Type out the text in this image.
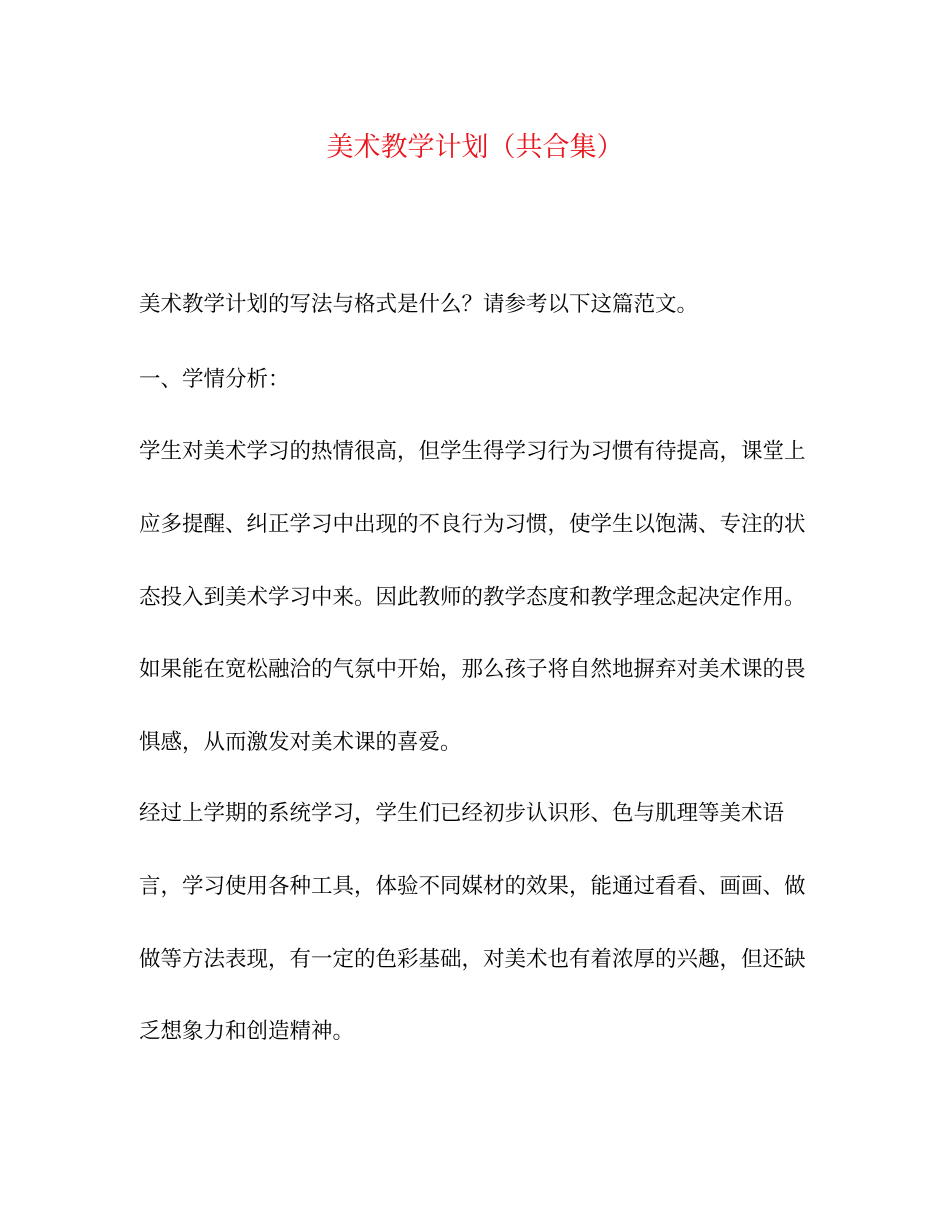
美术教学计划（共合集）

美术教学计划的写法与格式是什么？请参考以下这篇范文。

一、学情分析：

学生对美术学习的热情很高，但学生得学习行为习惯有待提高，课堂上

应多提醒、纠正学习中出现的不良行为习惯，使学生以饱满、专注的状

态投入到美术学习中来。因此教师的教学态度和教学理念起决定作用。

如果能在宽松融洽的气氛中开始，那么孩子将自然地摒弃对美术课的畏

惧感，从而激发对美术课的喜爱。

经过上学期的系统学习，学生们已经初步认识形、色与肌理等美术语

言，学习使用各种工具，体验不同媒材的效果，能通过看看、画画、做

做等方法表现，有一定的色彩基础，对美术也有着浓厚的兴趣，但还缺

乏想象力和创造精神。
